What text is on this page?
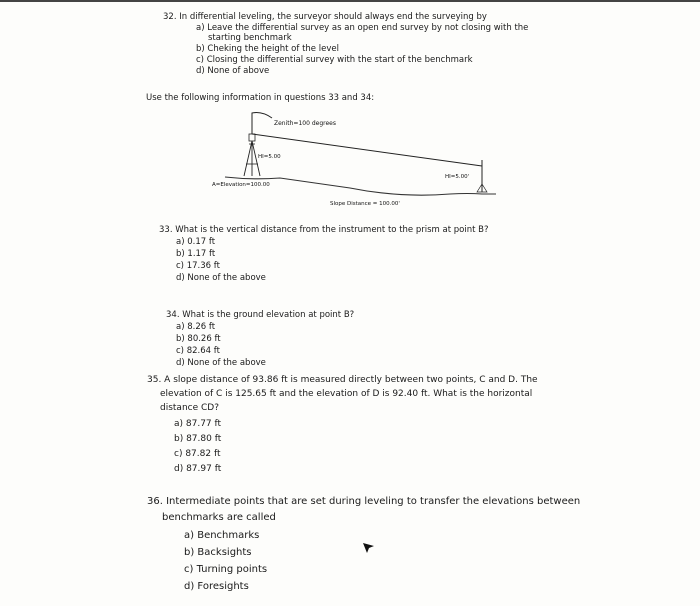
32. In differential leveling, the surveyor should always end the surveying by
a) Leave the differential survey as an open end survey by not closing with the
starting benchmark
b) Cheking the height of the level
c) Closing the differential survey with the start of the benchmark
d) None of above
Use the following information in questions 33 and 34:
Zenith=100 degrees
HI=5.00
HI=5.00'
A=Elevation=100.00
Slope Distance = 100.00'
33. What is the vertical distance from the instrument to the prism at point B?
a) 0.17 ft
b) 1.17 ft
c) 17.36 ft
d) None of the above
34. What is the ground elevation at point B?
a) 8.26 ft
b) 80.26 ft
c) 82.64 ft
d) None of the above
35. A slope distance of 93.86 ft is measured directly between two points, C and D. The
elevation of C is 125.65 ft and the elevation of D is 92.40 ft. What is the horizontal
distance CD?
a) 87.77 ft
b) 87.80 ft
c) 87.82 ft
d) 87.97 ft
36. Intermediate points that are set during leveling to transfer the elevations between
benchmarks are called
a) Benchmarks
b) Backsights
c) Turning points
d) Foresights
